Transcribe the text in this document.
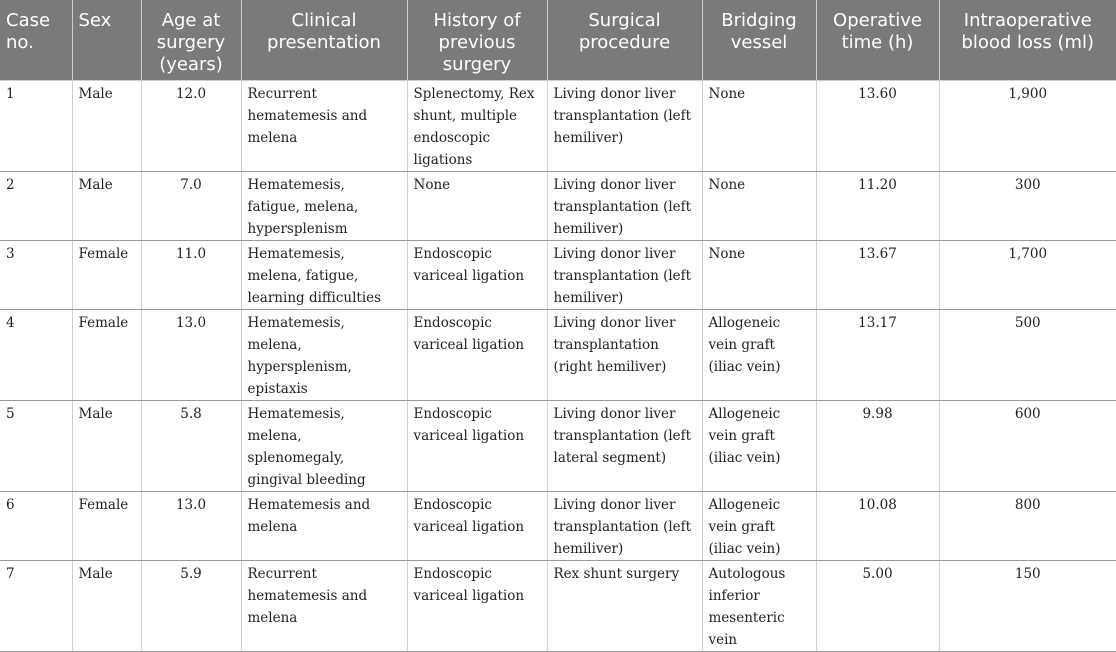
Case no.	Sex	Age at surgery (years)	Clinical presentation	History of previous surgery	Surgical procedure	Bridging vessel	Operative time (h)	Intraoperative blood loss (ml)
1	Male	12.0	Recurrent hematemesis and melena	Splenectomy, Rex shunt, multiple endoscopic ligations	Living donor liver transplantation (left hemiliver)	None	13.60	1,900
2	Male	7.0	Hematemesis, fatigue, melena, hypersplenism	None	Living donor liver transplantation (left hemiliver)	None	11.20	300
3	Female	11.0	Hematemesis, melena, fatigue, learning difficulties	Endoscopic variceal ligation	Living donor liver transplantation (left hemiliver)	None	13.67	1,700
4	Female	13.0	Hematemesis, melena, hypersplenism, epistaxis	Endoscopic variceal ligation	Living donor liver transplantation (right hemiliver)	Allogeneic vein graft (iliac vein)	13.17	500
5	Male	5.8	Hematemesis, melena, splenomegaly, gingival bleeding	Endoscopic variceal ligation	Living donor liver transplantation (left lateral segment)	Allogeneic vein graft (iliac vein)	9.98	600
6	Female	13.0	Hematemesis and melena	Endoscopic variceal ligation	Living donor liver transplantation (left hemiliver)	Allogeneic vein graft (iliac vein)	10.08	800
7	Male	5.9	Recurrent hematemesis and melena	Endoscopic variceal ligation	Rex shunt surgery	Autologous inferior mesenteric vein	5.00	150
